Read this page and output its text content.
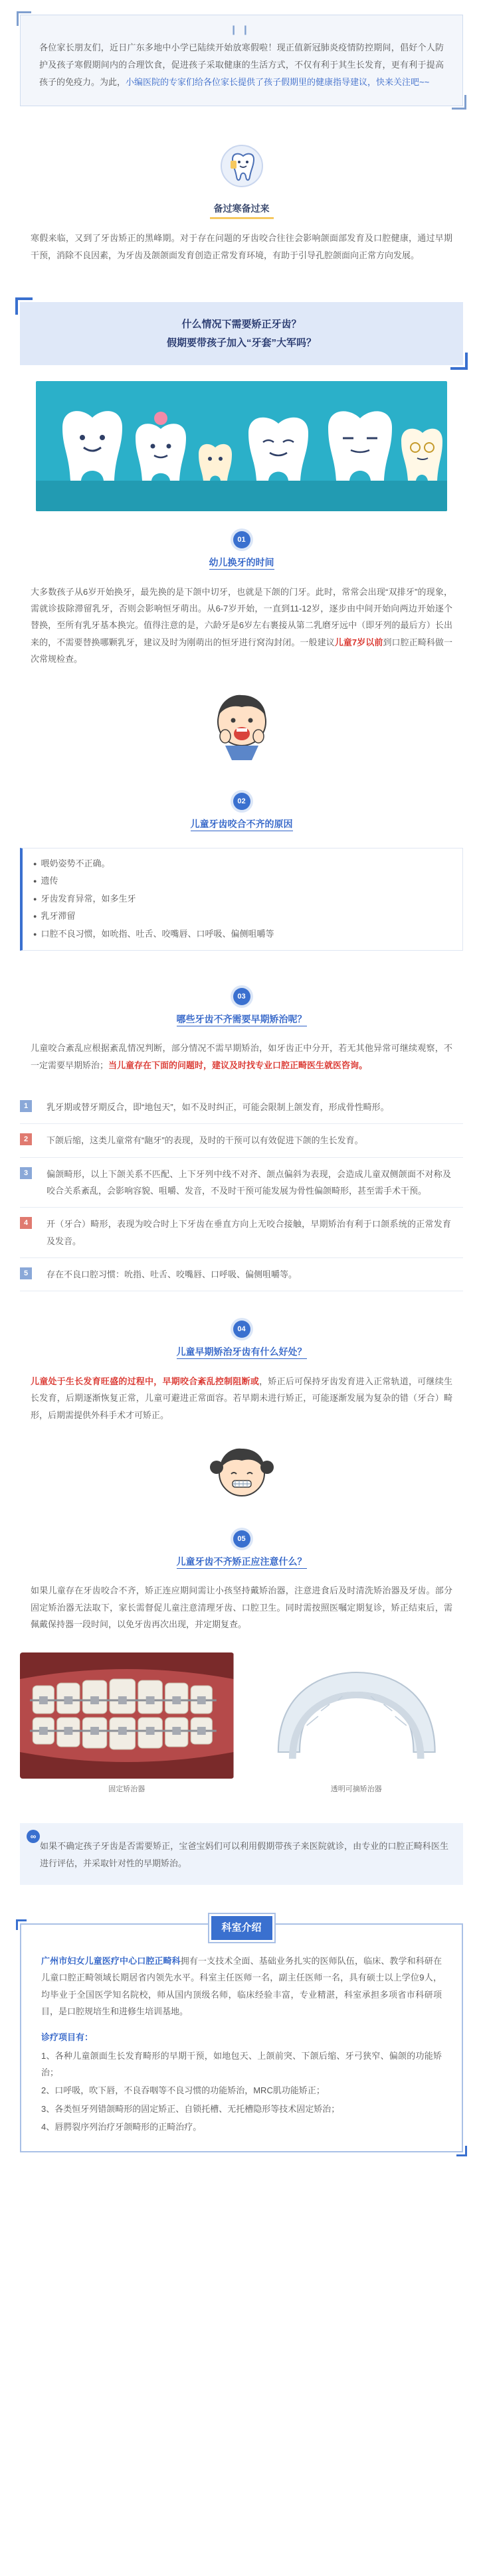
❙❙

各位家长朋友们，近日广东多地中小学已陆续开始放寒假啦！现正值新冠肺炎疫情防控期间，倡好个人防护及孩子寒假期间内的合理饮食，促进孩子采取健康的生活方式，不仅有利于其生长发育，更有利于提高孩子的免疫力。为此，小编医院的专家们给各位家长提供了孩子假期里的健康指导建议，快来关注吧~~

备过寒备过来

寒假来临，又到了牙齿矫正的黑峰期。对于存在问题的牙齿咬合往往会影响颌面部发育及口腔健康，通过早期干预，消除不良因素，为牙齿及颌颌面发育创造正常发育环境，有助于引导孔腔颌面向正常方向发展。

什么情况下需要矫正牙齿？
假期要带孩子加入“牙套”大军吗？
01
幼儿换牙的时间

大多数孩子从6岁开始换牙，最先换的是下颌中切牙，也就是下颌的门牙。此时，常常会出现“双排牙”的现象，需就诊拔除滞留乳牙，否则会影响恒牙萌出。从6-7岁开始，一直到11-12岁，逐步由中间开始向两边开始逐个替换，至所有乳牙基本换完。值得注意的是，六龄牙是6岁左右裹接从第二乳磨牙远中（即牙列的最后方）长出来的，不需要替换哪颗乳牙，建议及时为刚萌出的恒牙进行窝沟封闭。一般建议儿童7岁以前到口腔正畸科做一次常规检查。

02
儿童牙齿咬合不齐的原因
● 喂奶姿势不正确。
● 遗传
● 牙齿发育异常，如多生牙
● 乳牙滞留
● 口腔不良习惯，如吮指、吐舌、咬嘴唇、口呼吸、偏侧咀嚼等
03
哪些牙齿不齐需要早期矫治呢？

儿童咬合紊乱应根据紊乱情况判断，部分情况不需早期矫治，如牙齿正中分开，若无其他异常可继续观察，不一定需要早期矫治；当儿童存在下面的问题时，建议及时找专业口腔正畸医生就医咨询。

1	乳牙期或替牙期反合，即“地包天”，如不及时纠正，可能会限制上颌发育，形成骨性畸形。

2	下颌后缩，这类儿童常有“龅牙”的表现，及时的干预可以有效促进下颌的生长发育。

3	偏颌畸形，以上下颌关系不匹配、上下牙列中线不对齐、颌点偏斜为表现，会造成儿童双侧颌面不对称及咬合关系紊乱，会影响容貌、咀嚼、发音，不及时干预可能发展为骨性偏颌畸形，甚至需手术干预。

4	开（牙合）畸形，表现为咬合时上下牙齿在垂直方向上无咬合接触，早期矫治有利于口颌系统的正常发育及发音。

5	存在不良口腔习惯：吮指、吐舌、咬嘴唇、口呼吸、偏侧咀嚼等。

04
儿童早期矫治牙齿有什么好处？

儿童处于生长发育旺盛的过程中，早期咬合紊乱控制阻断或，矫正后可保持牙齿发育进入正常轨道，可继续生长发育，后期逐渐恢复正常，儿童可避进正常面容。若早期未进行矫正，可能逐渐发展为复杂的错（牙合）畸形，后期需提供外科手术才可矫正。

05
儿童牙齿不齐矫正应注意什么？

如果儿童存在牙齿咬合不齐，矫正连应期间需让小孩坚持戴矫治器，注意进食后及时清洗矫治器及牙齿。部分固定矫治器无法取下，家长需督促儿童注意清理牙齿、口腔卫生。同时需按照医嘱定期复诊，矫正结束后，需佩戴保持器一段时间，以免牙齿再次出现，并定期复查。

固定矫治器	透明可摘矫治器
∞

如果不确定孩子牙齿是否需要矫正，宝爸宝妈们可以利用假期带孩子来医院就诊，由专业的口腔正畸科医生进行评估，并采取针对性的早期矫治。

科室介绍

广州市妇女儿童医疗中心口腔正畸科拥有一支技术全面、基础业务扎实的医师队伍，临床、教学和科研在儿童口腔正畸领域长期居省内领先水平。科室主任医师一名，副主任医师一名，具有硕士以上学位9人，均毕业于全国医学知名院校，师从国内顶级名师，临床经验丰富，专业精湛，科室承担多项省市科研项目，是口腔规培生和进修生培训基地。

诊疗项目有：

1、各种儿童颌面生长发育畸形的早期干预，如地包天、上颌前突、下颌后缩、牙弓狭窄、偏颌的功能矫治；

2、口呼吸，吹下唇，不良吞咽等不良习惯的功能矫治，MRC肌功能矫正；

3、各类恒牙列错颌畸形的固定矫正、自锁托槽、无托槽隐形等技术固定矫治；

4、唇腭裂序列治疗牙颌畸形的正畸治疗。
